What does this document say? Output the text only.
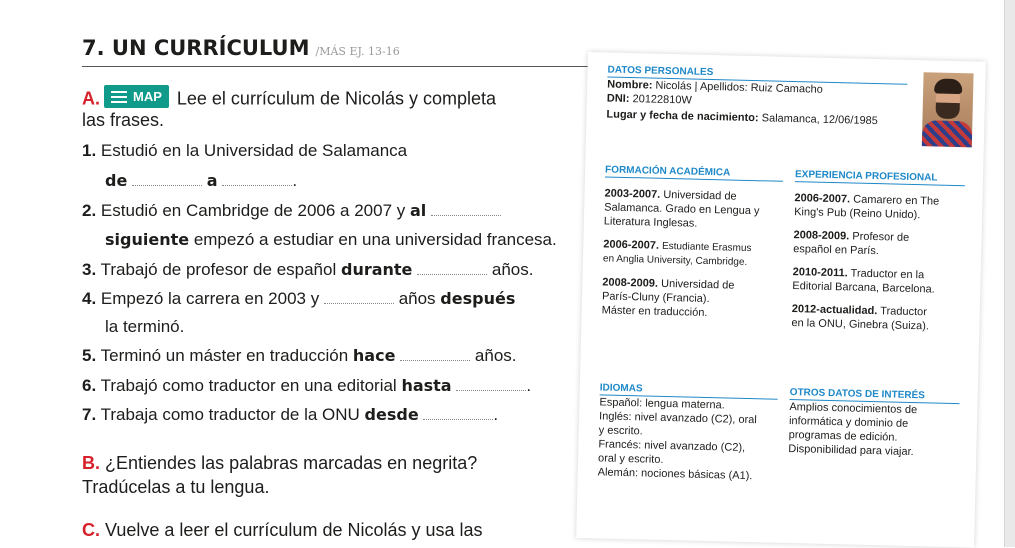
7. UN CURRÍCULUM /MÁS EJ. 13-16
A.	MAP Lee el currículum de Nicolás y completa
las frases.
1. Estudió en la Universidad de Salamanca
de	a	.
2. Estudió en Cambridge de 2006 a 2007 y al
siguiente empezó a estudiar en una universidad francesa.
3. Trabajó de profesor de español durante	años.
4. Empezó la carrera en 2003 y	años después
la terminó.
5. Terminó un máster en traducción hace	años.
6. Trabajó como traductor en una editorial hasta	.
7. Trabaja como traductor de la ONU desde	.
B. ¿Entiendes las palabras marcadas en negrita?
Tradúcelas a tu lengua.
C. Vuelve a leer el currículum de Nicolás y usa las
DATOS PERSONALES
Nombre: Nicolás | Apellidos: Ruiz Camacho
DNI: 20122810W
Lugar y fecha de nacimiento: Salamanca, 12/06/1985
FORMACIÓN ACADÉMICA
2003-2007. Universidad de
Salamanca. Grado en Lengua y
Literatura Inglesas.
2006-2007. Estudiante Erasmus
en Anglia University, Cambridge.
2008-2009. Universidad de
París-Cluny (Francia).
Máster en traducción.
EXPERIENCIA PROFESIONAL
2006-2007. Camarero en The
King's Pub (Reino Unido).
2008-2009. Profesor de
español en París.
2010-2011. Traductor en la
Editorial Barcana, Barcelona.
2012-actualidad. Traductor
en la ONU, Ginebra (Suiza).
IDIOMAS
Español: lengua materna.
Inglés: nivel avanzado (C2), oral
y escrito.
Francés: nivel avanzado (C2),
oral y escrito.
Alemán: nociones básicas (A1).
OTROS DATOS DE INTERÉS
Amplios conocimientos de
informática y dominio de
programas de edición.
Disponibilidad para viajar.
